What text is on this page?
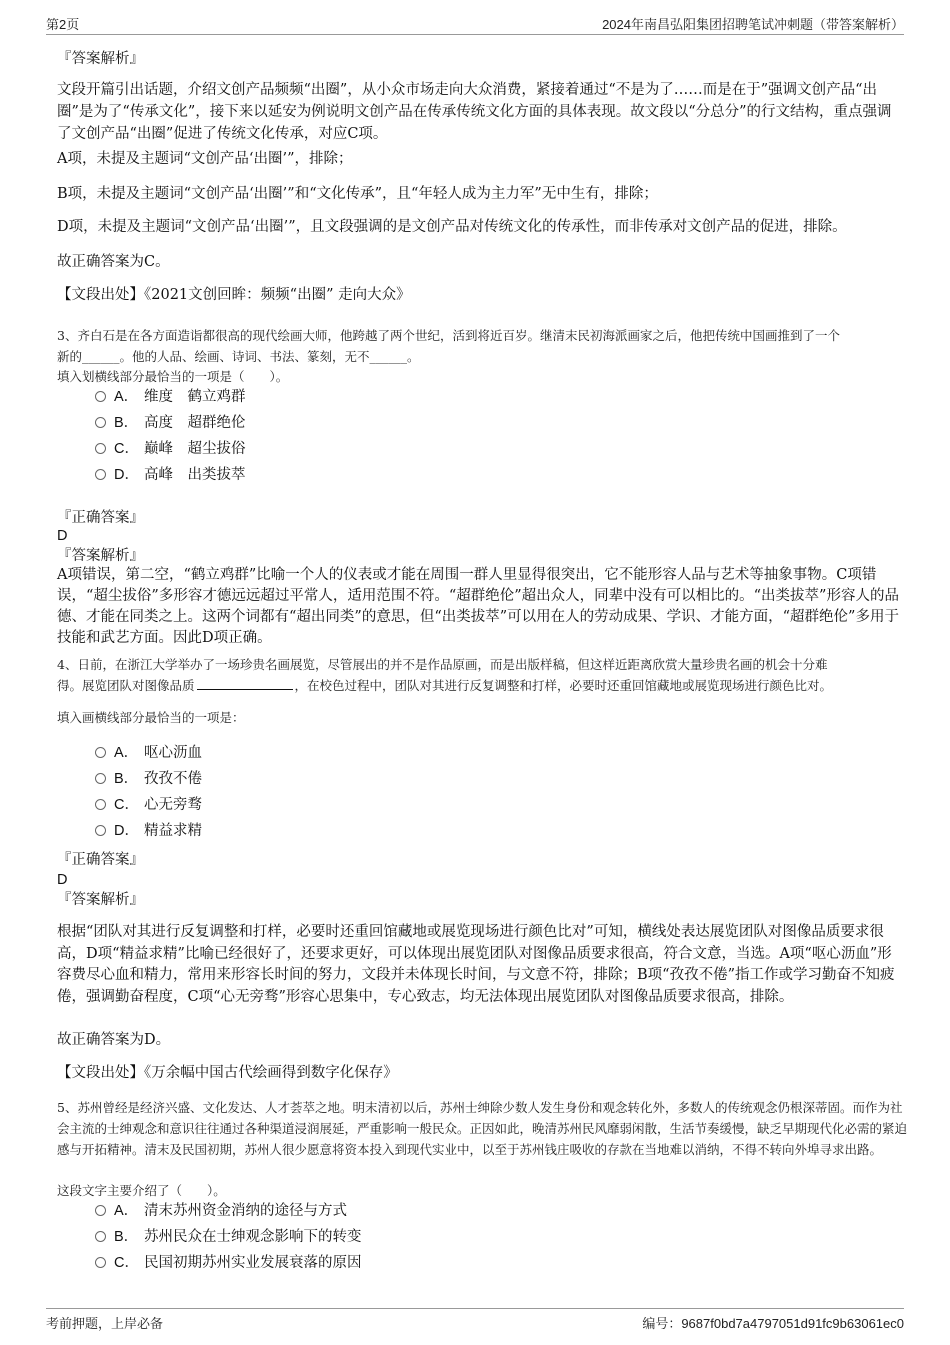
第2页	2024年南昌弘阳集团招聘笔试冲刺题（带答案解析）
『答案解析』
文段开篇引出话题，介绍文创产品频频“出圈”，从小众市场走向大众消费，紧接着通过“不是为了……而是在于”强调文创产品“出圈”是为了“传承文化”，接下来以延安为例说明文创产品在传承传统文化方面的具体表现。故文段以“分总分”的行文结构，重点强调了文创产品“出圈”促进了传统文化传承，对应C项。
A项，未提及主题词“文创产品‘出圈’”，排除；
B项，未提及主题词“文创产品‘出圈’”和“文化传承”，且“年轻人成为主力军”无中生有，排除；
D项，未提及主题词“文创产品‘出圈’”，且文段强调的是文创产品对传统文化的传承性，而非传承对文创产品的促进，排除。
故正确答案为C。
【文段出处】《2021文创回眸：频频“出圈” 走向大众》
3、齐白石是在各方面造诣都很高的现代绘画大师，他跨越了两个世纪，活到将近百岁。继清末民初海派画家之后，他把传统中国画推到了一个
新的______。他的人品、绘画、诗词、书法、篆刻，无不______。
填入划横线部分最恰当的一项是（　　）。
A． 维度　鹤立鸡群
B． 高度　超群绝伦
C． 巅峰　超尘拔俗
D． 高峰　出类拔萃
『正确答案』
D
『答案解析』
A项错误，第二空，“鹤立鸡群”比喻一个人的仪表或才能在周围一群人里显得很突出，它不能形容人品与艺术等抽象事物。C项错误，“超尘拔俗”多形容才德远远超过平常人，适用范围不符。“超群绝伦”超出众人，同辈中没有可以相比的。“出类拔萃”形容人的品德、才能在同类之上。这两个词都有“超出同类”的意思，但“出类拔萃”可以用在人的劳动成果、学识、才能方面，“超群绝伦”多用于技能和武艺方面。因此D项正确。
4、日前，在浙江大学举办了一场珍贵名画展览，尽管展出的并不是作品原画，而是出版样稿，但这样近距离欣赏大量珍贵名画的机会十分难
得。展览团队对图像品质	，在校色过程中，团队对其进行反复调整和打样，必要时还重回馆藏地或展览现场进行颜色比对。
填入画横线部分最恰当的一项是：
A． 呕心沥血
B． 孜孜不倦
C． 心无旁骛
D． 精益求精
『正确答案』
D
『答案解析』
根据“团队对其进行反复调整和打样，必要时还重回馆藏地或展览现场进行颜色比对”可知，横线处表达展览团队对图像品质要求很高，D项“精益求精”比喻已经很好了，还要求更好，可以体现出展览团队对图像品质要求很高，符合文意，当选。A项“呕心沥血”形容费尽心血和精力，常用来形容长时间的努力，文段并未体现长时间，与文意不符，排除；B项“孜孜不倦”指工作或学习勤奋不知疲倦，强调勤奋程度，C项“心无旁骛”形容心思集中，专心致志，均无法体现出展览团队对图像品质要求很高，排除。
故正确答案为D。
【文段出处】《万余幅中国古代绘画得到数字化保存》
5、苏州曾经是经济兴盛、文化发达、人才荟萃之地。明末清初以后，苏州士绅除少数人发生身份和观念转化外，多数人的传统观念仍根深蒂固。而作为社会主流的士绅观念和意识往往通过各种渠道浸润展延，严重影响一般民众。正因如此，晚清苏州民风靡弱闲散，生活节奏缓慢，缺乏早期现代化必需的紧迫感与开拓精神。清末及民国初期，苏州人很少愿意将资本投入到现代实业中，以至于苏州钱庄吸收的存款在当地难以消纳，不得不转向外埠寻求出路。
这段文字主要介绍了（　　）。
A． 清末苏州资金消纳的途径与方式
B． 苏州民众在士绅观念影响下的转变
C． 民国初期苏州实业发展衰落的原因
考前押题，上岸必备	编号：9687f0bd7a4797051d91fc9b63061ec0
